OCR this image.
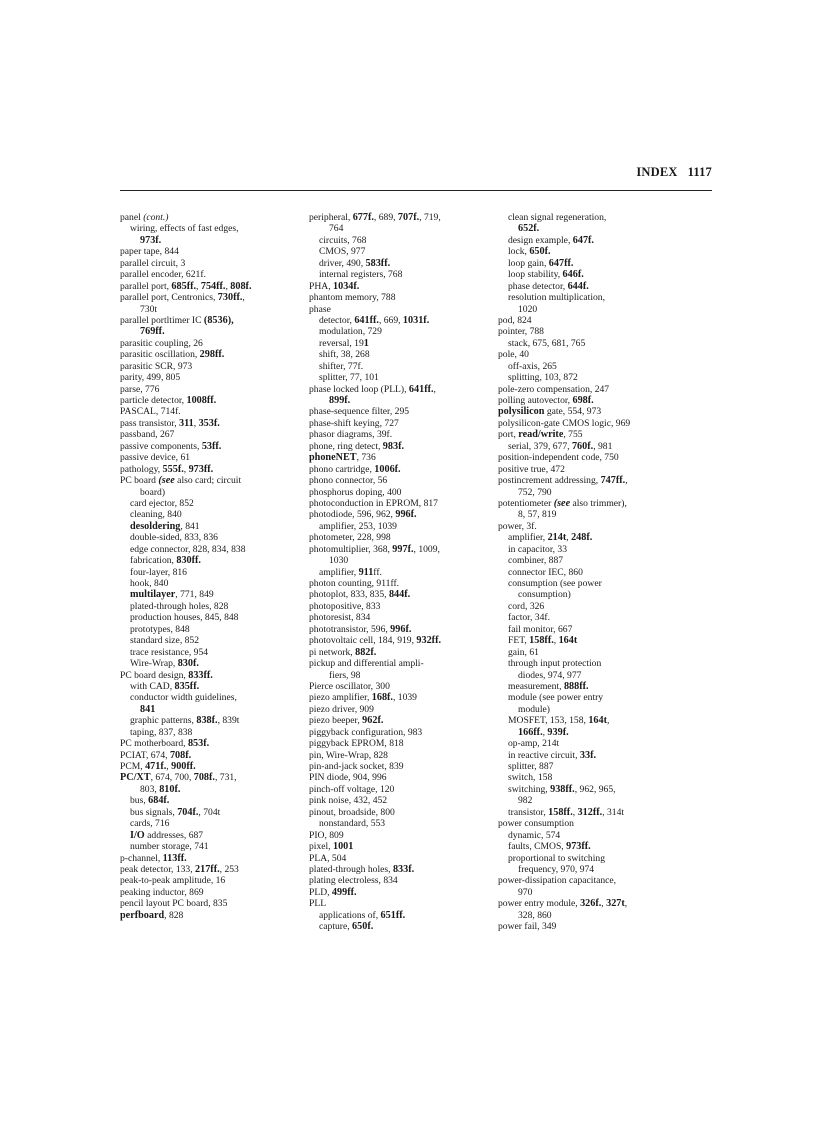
INDEX   1117
panel (cont.)
wiring, effects of fast edges,
973f.
paper tape, 844
parallel circuit, 3
parallel encoder, 621f.
parallel port, 685ff., 754ff., 808f.
parallel port, Centronics, 730ff.,
730t
parallel portltimer IC (8536),
769ff.
parasitic coupling, 26
parasitic oscillation, 298ff.
parasitic SCR, 973
parity, 499, 805
parse, 776
particle detector, 1008ff.
PASCAL, 714f.
pass transistor, 311, 353f.
passband, 267
passive components, 53ff.
passive device, 61
pathology, 555f., 973ff.
PC board (see also card; circuit
board)
card ejector, 852
cleaning, 840
desoldering, 841
double-sided, 833, 836
edge connector, 828, 834, 838
fabrication, 830ff.
four-layer, 816
hook, 840
multilayer, 771, 849
plated-through holes, 828
production houses, 845, 848
prototypes, 848
standard size, 852
trace resistance, 954
Wire-Wrap, 830f.
PC board design, 833ff.
with CAD, 835ff.
conductor width guidelines,
841
graphic patterns, 838f., 839t
taping, 837, 838
PC motherboard, 853f.
PCIAT, 674, 708f.
PCM, 471f., 900ff.
PC/XT, 674, 700, 708f., 731,
803, 810f.
bus, 684f.
bus signals, 704f., 704t
cards, 716
I/O addresses, 687
number storage, 741
p-channel, 113ff.
peak detector, 133, 217ff., 253
peak-to-peak amplitude, 16
peaking inductor, 869
pencil layout PC board, 835
perfboard, 828
peripheral, 677f., 689, 707f., 719,
764
circuits, 768
CMOS, 977
driver, 490, 583ff.
internal registers, 768
PHA, 1034f.
phantom memory, 788
phase
detector, 641ff., 669, 1031f.
modulation, 729
reversal, 191
shift, 38, 268
shifter, 77f.
splitter, 77, 101
phase locked loop (PLL), 641ff.,
899f.
phase-sequence filter, 295
phase-shift keying, 727
phasor diagrams, 39f.
phone, ring detect, 983f.
phoneNET, 736
phono cartridge, 1006f.
phono connector, 56
phosphorus doping, 400
photoconduction in EPROM, 817
photodiode, 596, 962, 996f.
amplifier, 253, 1039
photometer, 228, 998
photomultiplier, 368, 997f., 1009,
1030
amplifier, 911ff.
photon counting, 911ff.
photoplot, 833, 835, 844f.
photopositive, 833
photoresist, 834
phototransistor, 596, 996f.
photovoltaic cell, 184, 919, 932ff.
pi network, 882f.
pickup and differential ampli-
fiers, 98
Pierce oscillator, 300
piezo amplifier, 168f., 1039
piezo driver, 909
piezo beeper, 962f.
piggyback configuration, 983
piggyback EPROM, 818
pin, Wire-Wrap, 828
pin-and-jack socket, 839
PIN diode, 904, 996
pinch-off voltage, 120
pink noise, 432, 452
pinout, broadside, 800
nonstandard, 553
PIO, 809
pixel, 1001
PLA, 504
plated-through holes, 833f.
plating electroless, 834
PLD, 499ff.
PLL
applications of, 651ff.
capture, 650f.
clean signal regeneration,
652f.
design example, 647f.
lock, 650f.
loop gain, 647ff.
loop stability, 646f.
phase detector, 644f.
resolution multiplication,
1020
pod, 824
pointer, 788
stack, 675, 681, 765
pole, 40
off-axis, 265
splitting, 103, 872
pole-zero compensation, 247
polling autovector, 698f.
polysilicon gate, 554, 973
polysilicon-gate CMOS logic, 969
port, read/write, 755
serial, 379, 677, 760f., 981
position-independent code, 750
positive true, 472
postincrement addressing, 747ff.,
752, 790
potentiometer (see also trimmer),
8, 57, 819
power, 3f.
amplifier, 214t, 248f.
in capacitor, 33
combiner, 887
connector IEC, 860
consumption (see power
consumption)
cord, 326
factor, 34f.
fail monitor, 667
FET, 158ff., 164t
gain, 61
through input protection
diodes, 974, 977
measurement, 888ff.
module (see power entry
module)
MOSFET, 153, 158, 164t,
166ff., 939f.
op-amp, 214t
in reactive circuit, 33f.
splitter, 887
switch, 158
switching, 938ff., 962, 965,
982
transistor, 158ff., 312ff., 314t
power consumption
dynamic, 574
faults, CMOS, 973ff.
proportional to switching
frequency, 970, 974
power-dissipation capacitance,
970
power entry module, 326f., 327t,
328, 860
power fail, 349
